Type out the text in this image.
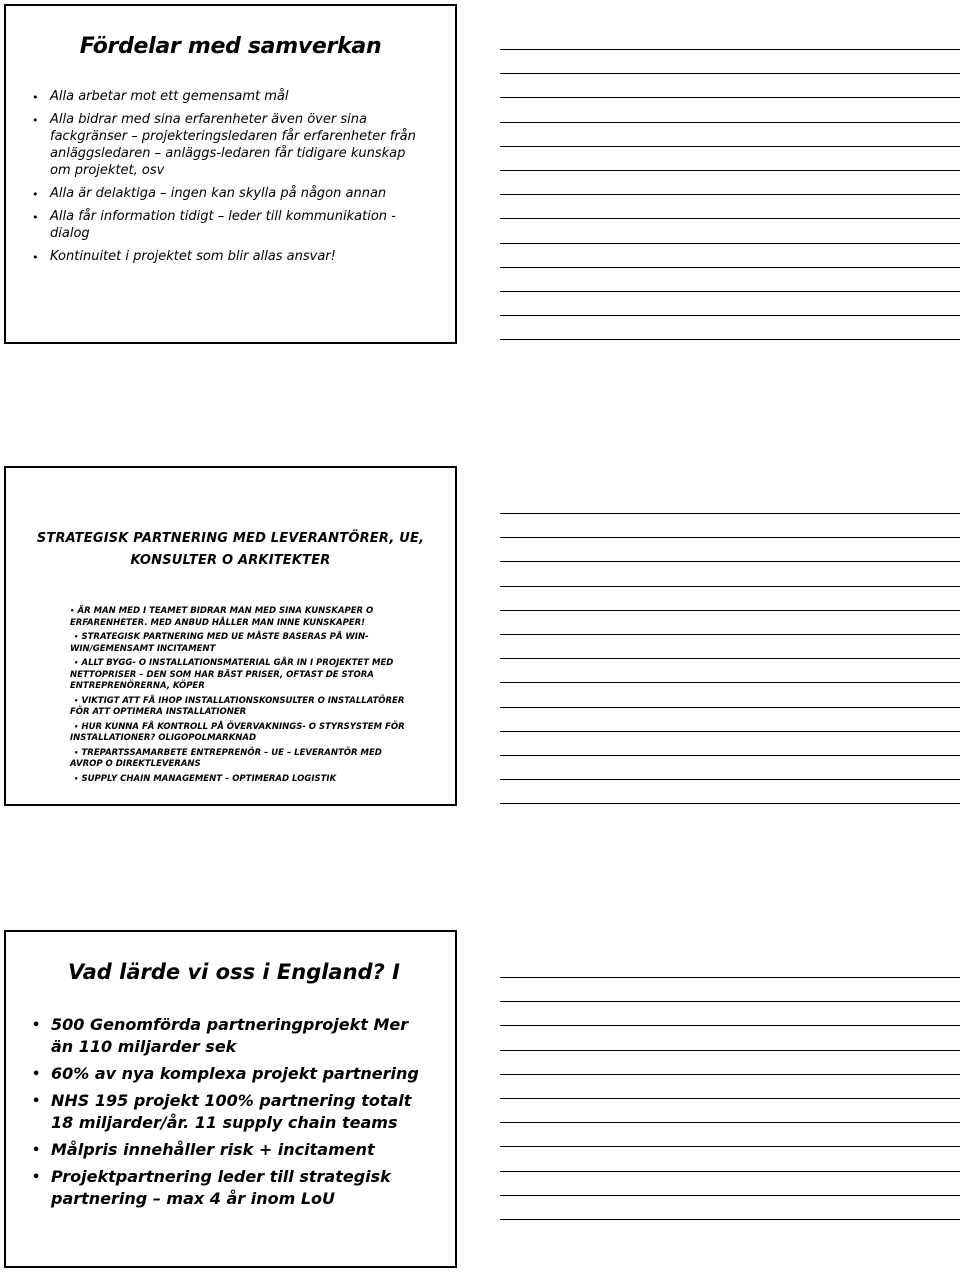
Fördelar med samverkan
• Alla arbetar mot ett gemensamt mål
• Alla bidrar med sina erfarenheter även över sina fackgränser – projekteringsledaren får erfarenheter från anläggsledaren – anläggs-ledaren får tidigare kunskap om projektet, osv
• Alla är delaktiga – ingen kan skylla på någon annan
• Alla får information tidigt – leder till kommunikation - dialog
• Kontinuitet i projektet som blir allas ansvar!
STRATEGISK PARTNERING MED LEVERANTÖRER, UE, KONSULTER O ARKITEKTER
• ÄR MAN MED I TEAMET BIDRAR MAN MED SINA KUNSKAPER O ERFARENHETER. MED ANBUD HÅLLER MAN INNE KUNSKAPER!
• STRATEGISK PARTNERING MED UE MÅSTE BASERAS PÅ WIN-WIN/GEMENSAMT INCITAMENT
• ALLT BYGG- O INSTALLATIONSMATERIAL GÅR IN I PROJEKTET MED NETTOPRISER – DEN SOM HAR BÄST PRISER, OFTAST DE STORA ENTREPRENÖRERNA, KÖPER
• VIKTIGT ATT FÅ IHOP INSTALLATIONSKONSULTER O INSTALLATÖRER FÖR ATT OPTIMERA INSTALLATIONER
• HUR KUNNA FÅ KONTROLL PÅ ÖVERVAKNINGS- O STYRSYSTEM FÖR INSTALLATIONER? OLIGOPOLMARKNAD
• TREPARTSSAMARBETE ENTREPRENÖR – UE – LEVERANTÖR MED AVROP O DIREKTLEVERANS
• SUPPLY CHAIN MANAGEMENT – OPTIMERAD LOGISTIK
Vad lärde vi oss i England? I
• 500 Genomförda partneringprojekt Mer än 110 miljarder sek
• 60% av nya komplexa projekt partnering
• NHS 195 projekt 100% partnering totalt 18 miljarder/år. 11 supply chain teams
• Målpris innehåller risk + incitament
• Projektpartnering leder till strategisk partnering – max 4 år inom LoU
